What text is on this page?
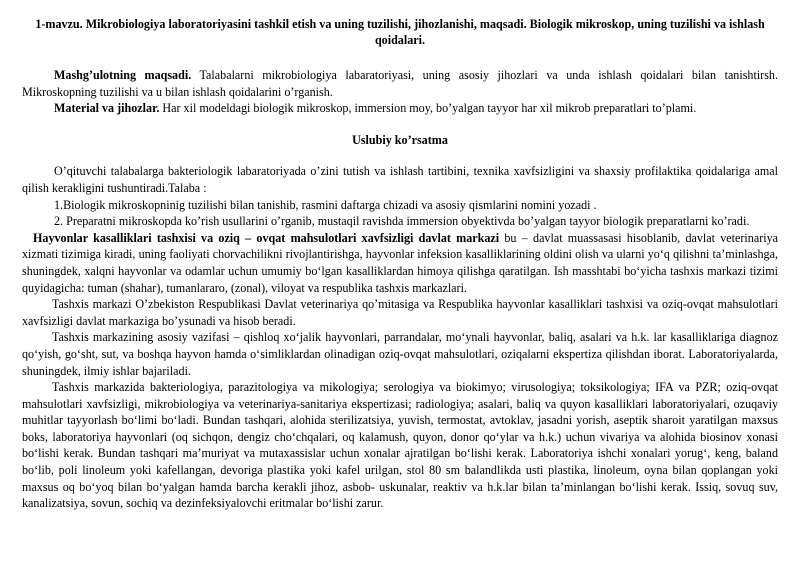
1-mavzu. Mikrobiologiya laboratoriyasini tashkil etish va uning tuzilishi, jihozlanishi, maqsadi. Biologik mikroskop, uning tuzilishi va ishlash qoidalari.

Mashg’ulotning maqsadi. Talabalarni mikrobiologiya labaratoriyasi, uning asosiy jihozlari va unda ishlash qoidalari bilan tanishtirsh. Mikroskopning tuzilishi va u bilan ishlash qoidalarini o’rganish.

Material va jihozlar. Har xil modeldagi biologik mikroskop, immersion moy, bo’yalgan tayyor har xil mikrob preparatlari to’plami.

Uslubiy ko’rsatma

O’qituvchi talabalarga bakteriologik labaratoriyada o’zini tutish va ishlash tartibini, texnika xavfsizligini va shaxsiy profilaktika qoidalariga amal qilish kerakligini tushuntiradi.Talaba :

1.Biologik mikroskopninig tuzilishi bilan tanishib, rasmini daftarga chizadi va asosiy qismlarini nomini yozadi .

2. Preparatni mikroskopda ko’rish usullarini o’rganib, mustaqil ravishda immersion obyektivda bo’yalgan tayyor biologik preparatlarni ko’radi.

Hayvonlar kasalliklari tashxisi va oziq – ovqat mahsulotlari xavfsizligi davlat markazi bu – davlat muassasasi hisoblanib, davlat veterinariya xizmati tizimiga kiradi, uning faoliyati chorvachilikni rivojlantirishga, hayvonlar infeksion kasalliklarining oldini olish va ularni yo‘q qilishni ta’minlashga, shuningdek, xalqni hayvonlar va odamlar uchun umumiy bo‘lgan kasalliklardan himoya qilishga qaratilgan. Ish masshtabi bo‘yicha tashxis markazi tizimi quyidagicha: tuman (shahar), tumanlararo, (zonal), viloyat va respublika tashxis markazlari.

Tashxis markazi O’zbekiston Respublikasi Davlat veterinariya qo’mitasiga va Respublika hayvonlar kasalliklari tashxisi va oziq-ovqat mahsulotlari xavfsizligi davlat markaziga bo’ysunadi va hisob beradi.

Tashxis markazining asosiy vazifasi – qishloq xo‘jalik hayvonlari, parrandalar, mo‘ynali hayvonlar, baliq, asalari va h.k. lar kasalliklariga diagnoz qo‘yish, go‘sht, sut, va boshqa hayvon hamda o‘simliklardan olinadigan oziq-ovqat mahsulotlari, oziqalarni ekspertiza qilishdan iborat. Laboratoriyalarda, shuningdek, ilmiy ishlar bajariladi.

Tashxis markazida bakteriologiya, parazitologiya va mikologiya; serologiya va biokimyo; virusologiya; toksikologiya; IFA va PZR; oziq-ovqat mahsulotlari xavfsizligi, mikrobiologiya va veterinariya-sanitariya ekspertizasi; radiologiya; asalari, baliq va quyon kasalliklari laboratoriyalari, ozuqaviy muhitlar tayyorlash bo‘limi bo‘ladi. Bundan tashqari, alohida sterilizatsiya, yuvish, termostat, avtoklav, jasadni yorish, aseptik sharoit yaratilgan maxsus boks, laboratoriya hayvonlari (oq sichqon, dengiz cho‘chqalari, oq kalamush, quyon, donor qo‘ylar va h.k.) uchun vivariya va alohida biosinov xonasi bo‘lishi kerak. Bundan tashqari ma’muriyat va mutaxassislar uchun xonalar ajratilgan bo‘lishi kerak. Laboratoriya ishchi xonalari yorug‘, keng, baland bo‘lib, poli linoleum yoki kafellangan, devoriga plastika yoki kafel urilgan, stol 80 sm balandlikda usti plastika, linoleum, oyna bilan qoplangan yoki maxsus oq bo‘yoq bilan bo‘yalgan hamda barcha kerakli jihoz, asbob- uskunalar, reaktiv va h.k.lar bilan ta’minlangan bo‘lishi kerak. Issiq, sovuq suv, kanalizatsiya, sovun, sochiq va dezinfeksiyalovchi eritmalar bo‘lishi zarur.
